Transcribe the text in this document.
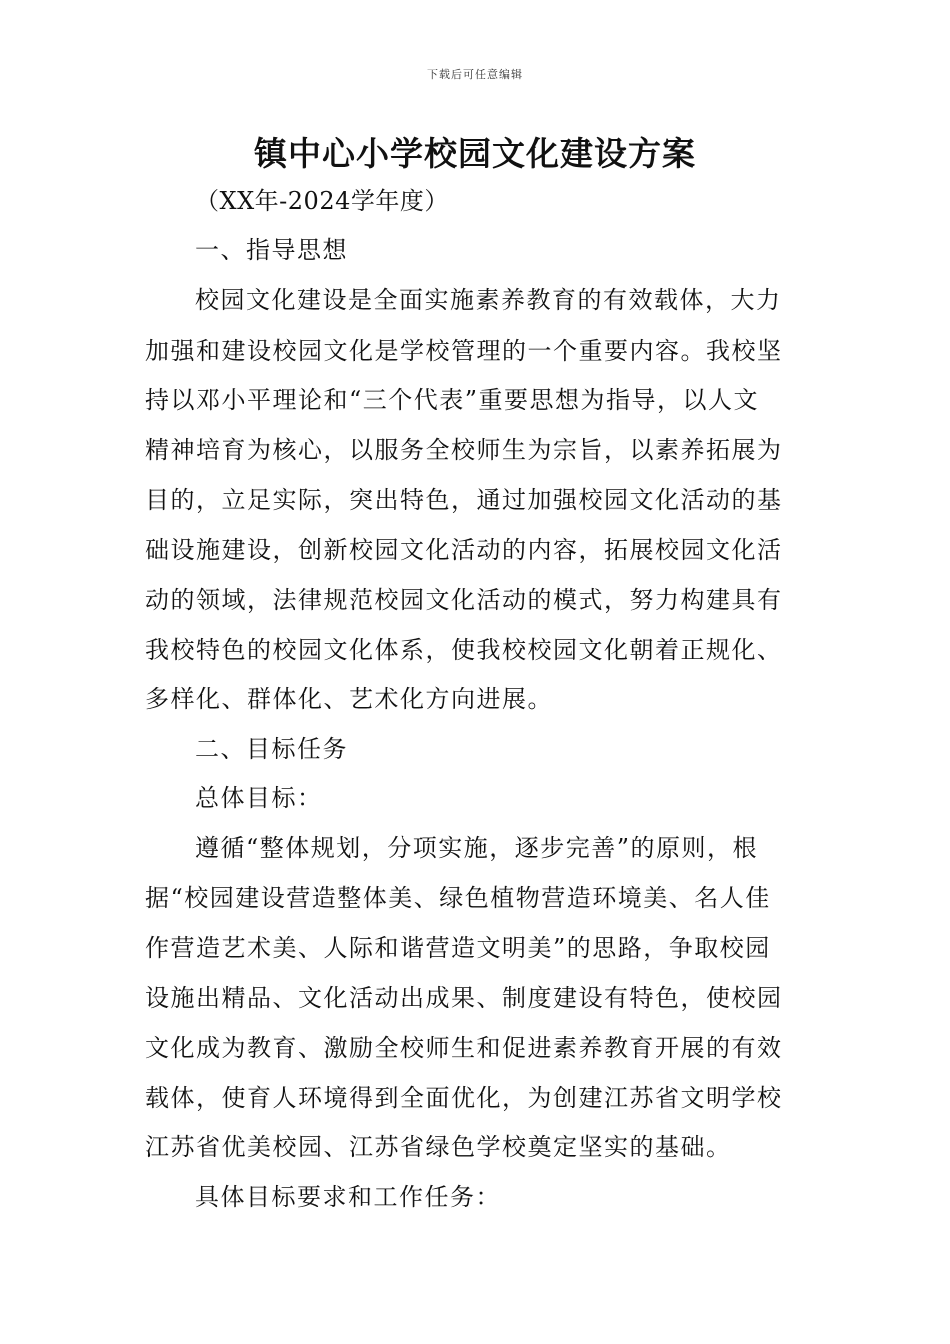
下载后可任意编辑
镇中心小学校园文化建设方案
（XX年-2024学年度）
一、指导思想
校园文化建设是全面实施素养教育的有效载体，大力
加强和建设校园文化是学校管理的一个重要内容。我校坚
持以邓小平理论和“三个代表”重要思想为指导，以人文
精神培育为核心，以服务全校师生为宗旨，以素养拓展为
目的，立足实际，突出特色，通过加强校园文化活动的基
础设施建设，创新校园文化活动的内容，拓展校园文化活
动的领域，法律规范校园文化活动的模式，努力构建具有
我校特色的校园文化体系，使我校校园文化朝着正规化、
多样化、群体化、艺术化方向进展。
二、目标任务
总体目标：
遵循“整体规划，分项实施，逐步完善”的原则，根
据“校园建设营造整体美、绿色植物营造环境美、名人佳
作营造艺术美、人际和谐营造文明美”的思路，争取校园
设施出精品、文化活动出成果、制度建设有特色，使校园
文化成为教育、激励全校师生和促进素养教育开展的有效
载体，使育人环境得到全面优化，为创建江苏省文明学校
江苏省优美校园、江苏省绿色学校奠定坚实的基础。
具体目标要求和工作任务：
